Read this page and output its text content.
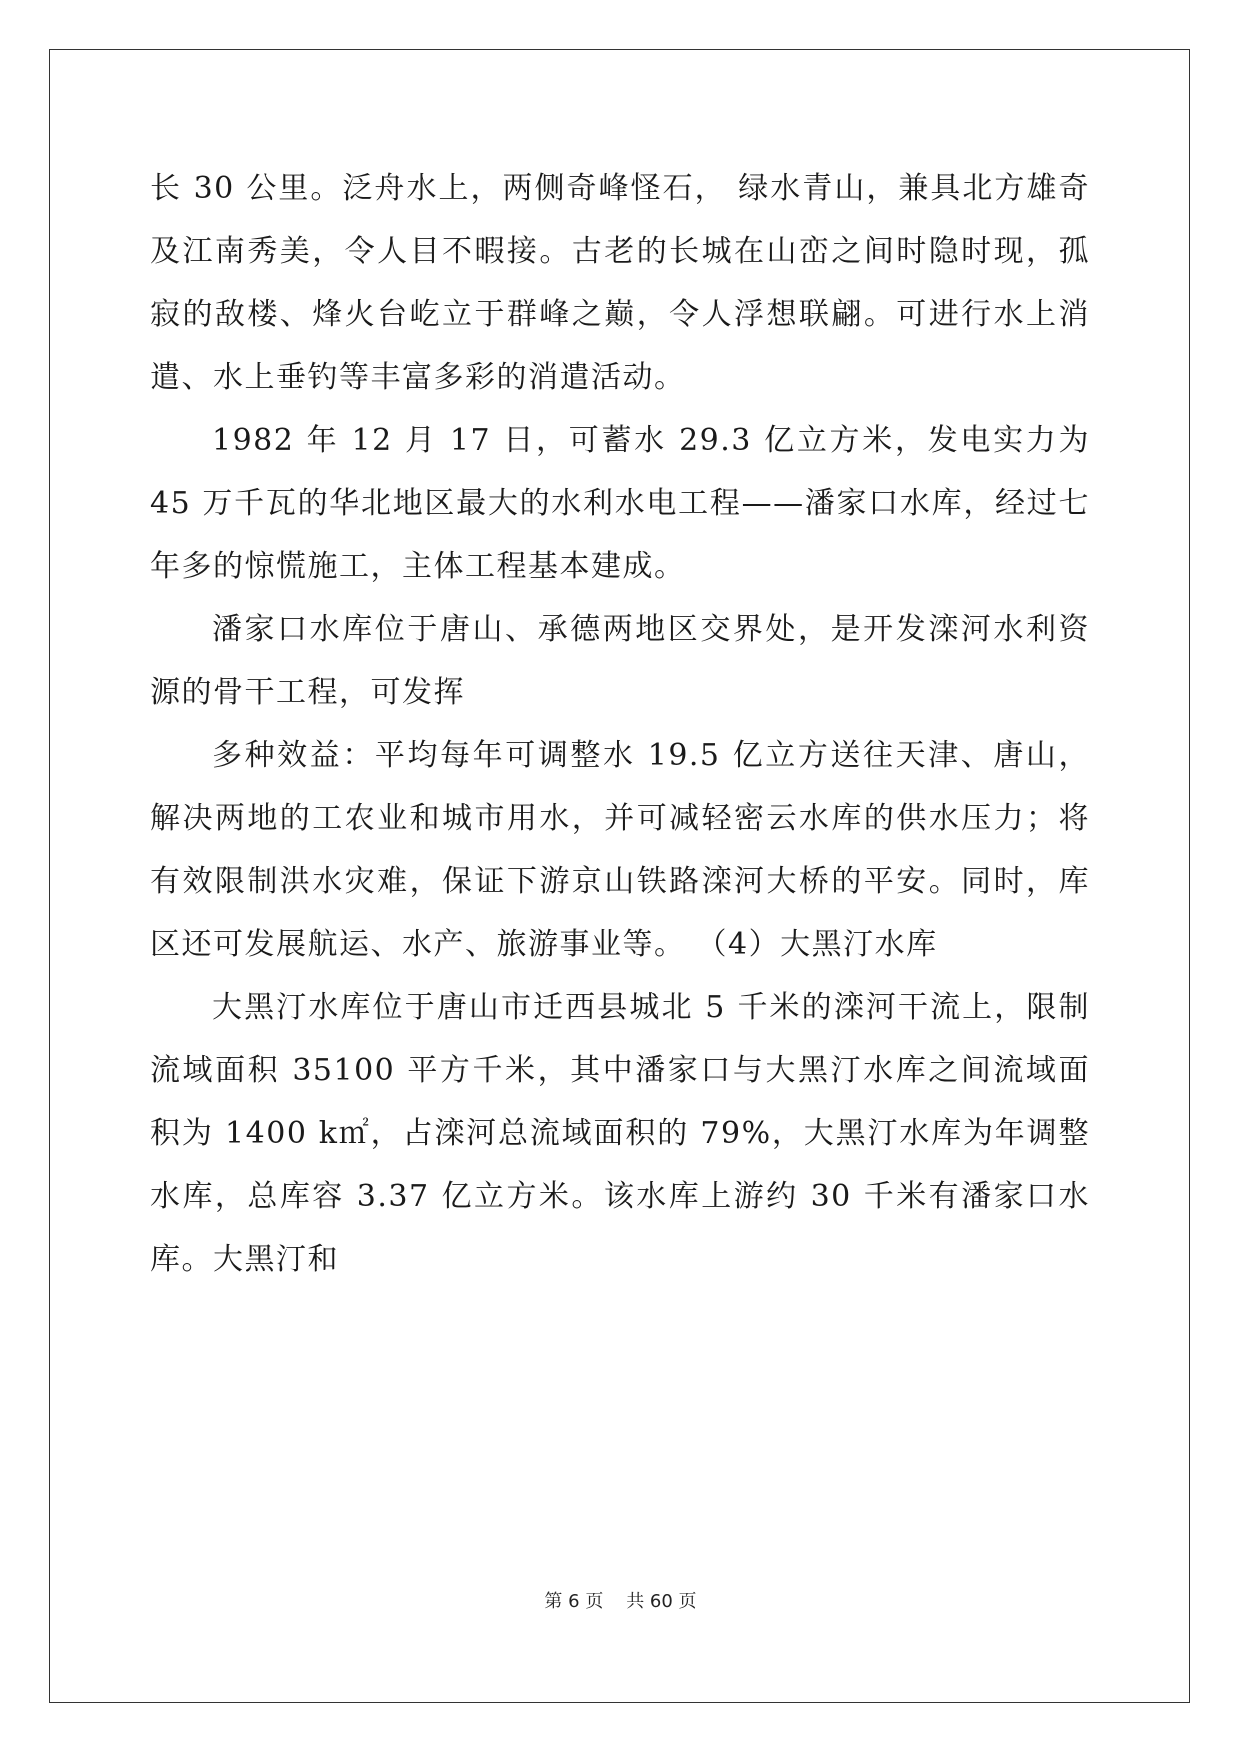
长 30 公里。泛舟水上，两侧奇峰怪石， 绿水青山，兼具北方雄奇及江南秀美，令人目不暇接。古老的长城在山峦之间时隐时现，孤寂的敌楼、烽火台屹立于群峰之巅，令人浮想联翩。可进行水上消遣、水上垂钓等丰富多彩的消遣活动。

1982 年 12 月 17 日，可蓄水 29.3 亿立方米，发电实力为 45 万千瓦的华北地区最大的水利水电工程——潘家口水库，经过七年多的惊慌施工，主体工程基本建成。

潘家口水库位于唐山、承德两地区交界处，是开发滦河水利资源的骨干工程，可发挥

多种效益：平均每年可调整水 19.5 亿立方送往天津、唐山，解决两地的工农业和城市用水，并可减轻密云水库的供水压力；将有效限制洪水灾难，保证下游京山铁路滦河大桥的平安。同时，库区还可发展航运、水产、旅游事业等。 （4）大黑汀水库

大黑汀水库位于唐山市迁西县城北 5 千米的滦河干流上，限制流域面积 35100 平方千米，其中潘家口与大黑汀水库之间流域面积为 1400 k㎡，占滦河总流域面积的 79%，大黑汀水库为年调整水库，总库容 3.37 亿立方米。该水库上游约 30 千米有潘家口水库。大黑汀和

第 6 页    共 60 页
